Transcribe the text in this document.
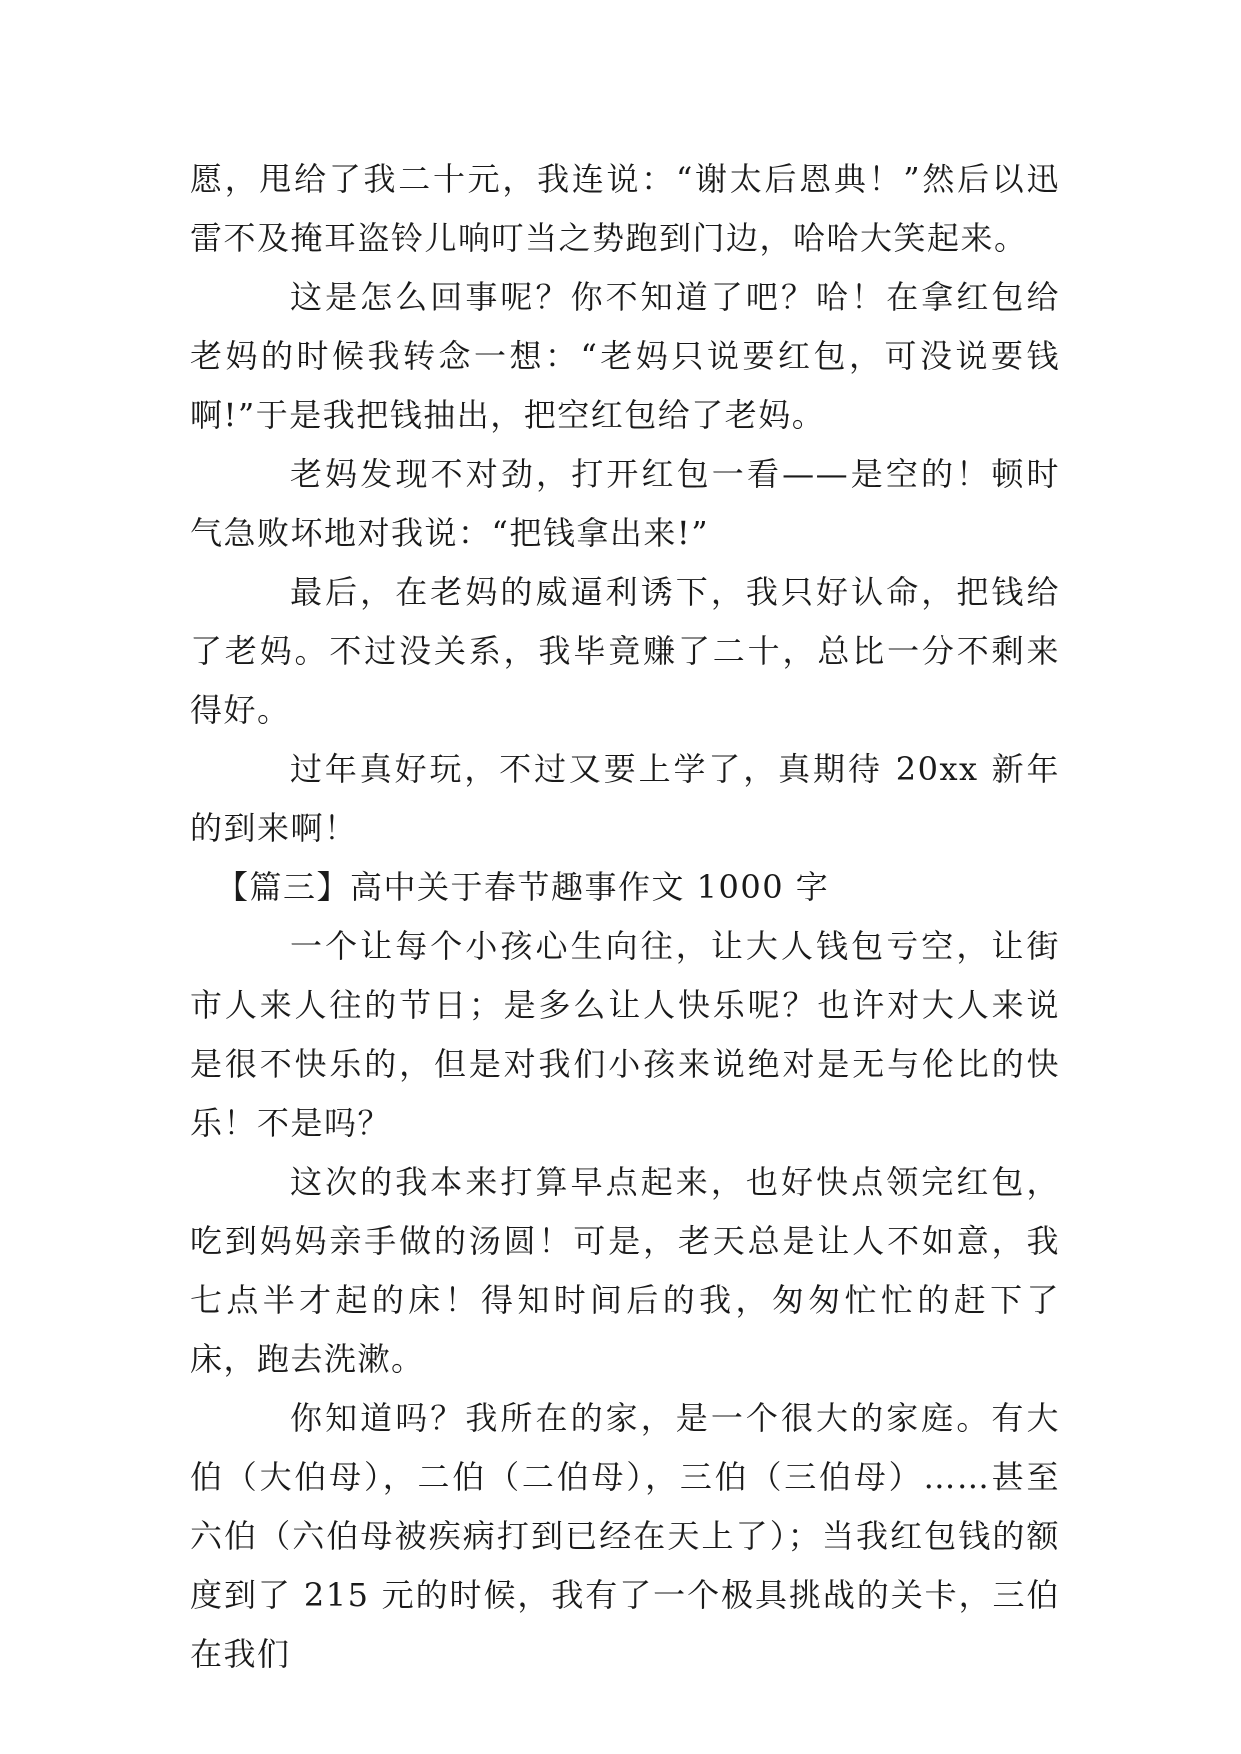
愿，甩给了我二十元，我连说：“谢太后恩典！”然后以迅雷不及掩耳盗铃儿响叮当之势跑到门边，哈哈大笑起来。

这是怎么回事呢？你不知道了吧？哈！在拿红包给老妈的时候我转念一想：“老妈只说要红包，可没说要钱啊!”于是我把钱抽出，把空红包给了老妈。

老妈发现不对劲，打开红包一看——是空的！顿时气急败坏地对我说：“把钱拿出来!”

最后，在老妈的威逼利诱下，我只好认命，把钱给了老妈。不过没关系，我毕竟赚了二十，总比一分不剩来得好。

过年真好玩，不过又要上学了，真期待 20xx 新年的到来啊！

【篇三】高中关于春节趣事作文 1000 字

一个让每个小孩心生向往，让大人钱包亏空，让街市人来人往的节日；是多么让人快乐呢？也许对大人来说是很不快乐的，但是对我们小孩来说绝对是无与伦比的快乐！不是吗？

这次的我本来打算早点起来，也好快点领完红包，吃到妈妈亲手做的汤圆！可是，老天总是让人不如意，我七点半才起的床！得知时间后的我，匆匆忙忙的赶下了床，跑去洗漱。

你知道吗？我所在的家，是一个很大的家庭。有大伯（大伯母），二伯（二伯母），三伯（三伯母）……甚至六伯（六伯母被疾病打到已经在天上了）；当我红包钱的额度到了 215 元的时候，我有了一个极具挑战的关卡，三伯在我们
